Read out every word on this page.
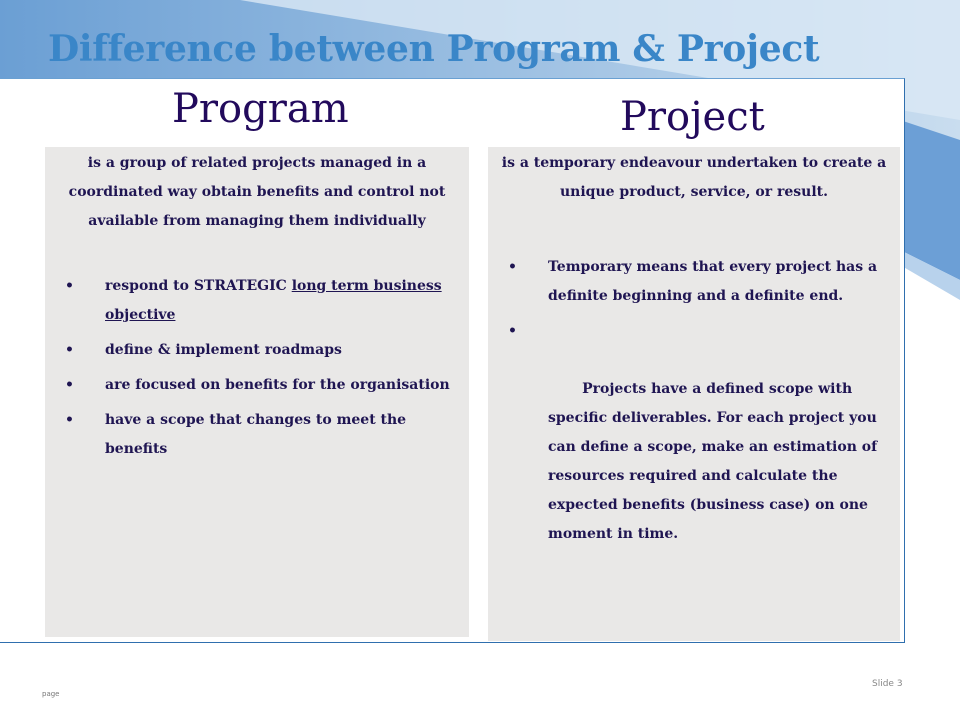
Difference between Program & Project
Program	Project
is a group of related projects managed in a coordinated way obtain benefits and control not available from managing them individually
• respond to STRATEGIC long term business objective
• define & implement roadmaps
• are focused on benefits for the organisation
• have a scope that changes to meet the benefits
is a temporary endeavour undertaken to create a unique product, service, or result.
• Temporary means that every project has a definite beginning and a definite end.

•

Projects have a defined scope with specific deliverables. For each project you can define a scope, make an estimation of resources required and calculate the expected benefits (business case) on one moment in time.

page
Slide 3
